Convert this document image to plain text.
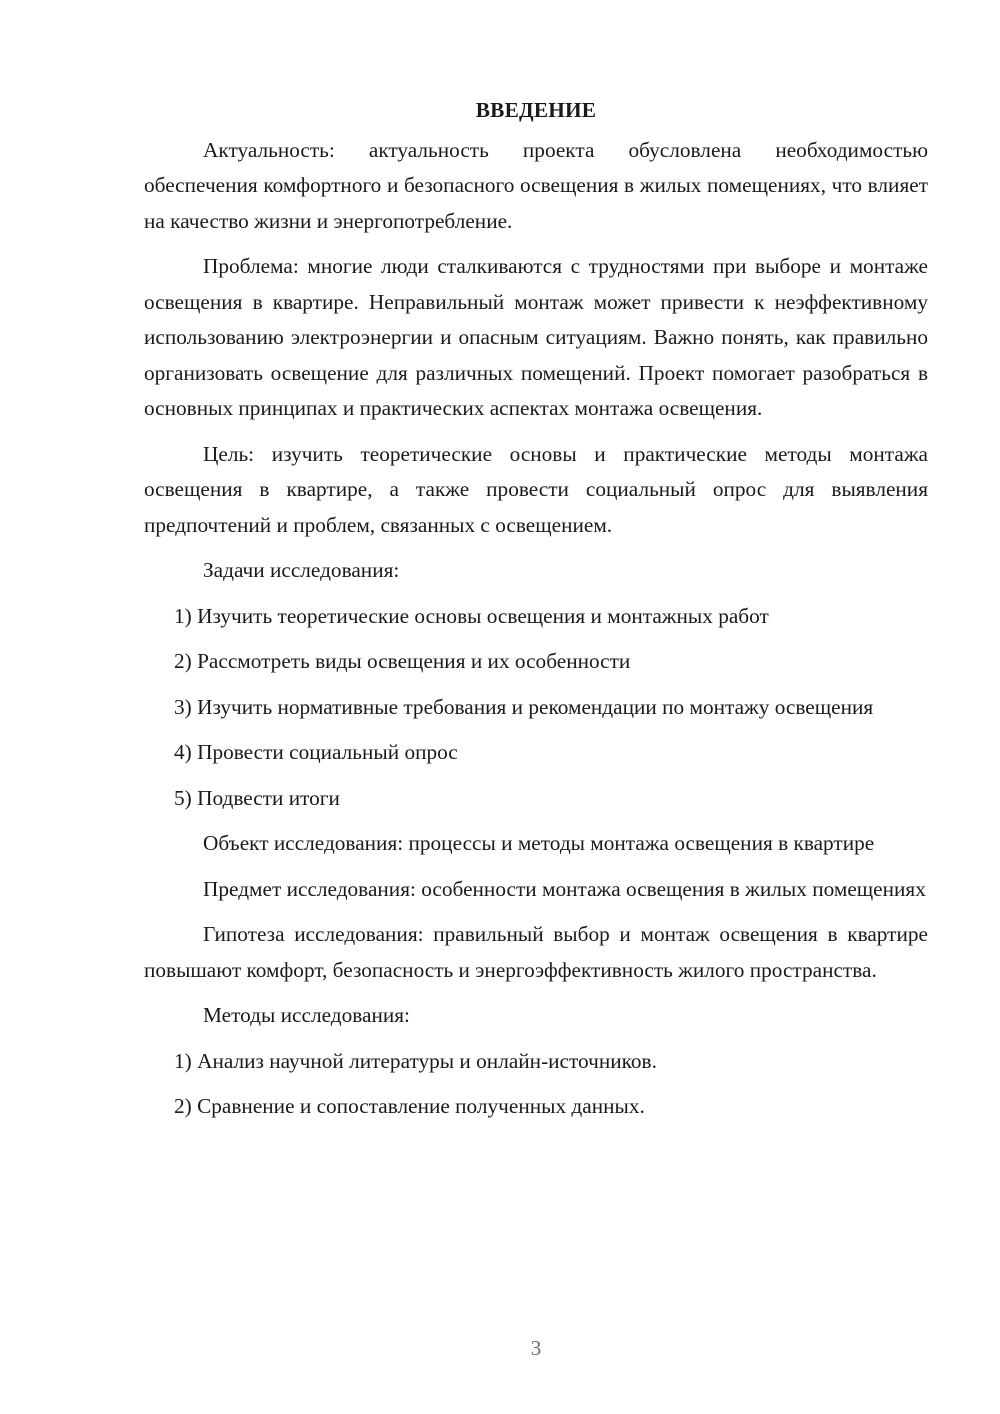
ВВЕДЕНИЕ

Актуальность: актуальность проекта обусловлена необходимостью обеспечения комфортного и безопасного освещения в жилых помещениях, что влияет на качество жизни и энергопотребление.

Проблема: многие люди сталкиваются с трудностями при выборе и монтаже освещения в квартире. Неправильный монтаж может привести к неэффективному использованию электроэнергии и опасным ситуациям. Важно понять, как правильно организовать освещение для различных помещений. Проект помогает разобраться в основных принципах и практических аспектах монтажа освещения.

Цель: изучить теоретические основы и практические методы монтажа освещения в квартире, а также провести социальный опрос для выявления предпочтений и проблем, связанных с освещением.

Задачи исследования:

1) Изучить теоретические основы освещения и монтажных работ

2) Рассмотреть виды освещения и их особенности

3) Изучить нормативные требования и рекомендации по монтажу освещения

4) Провести социальный опрос

5) Подвести итоги

Объект исследования: процессы и методы монтажа освещения в квартире

Предмет исследования: особенности монтажа освещения в жилых помещениях

Гипотеза исследования: правильный выбор и монтаж освещения в квартире повышают комфорт, безопасность и энергоэффективность жилого пространства.

Методы исследования:

1) Анализ научной литературы и онлайн-источников.

2) Сравнение и сопоставление полученных данных.

3
